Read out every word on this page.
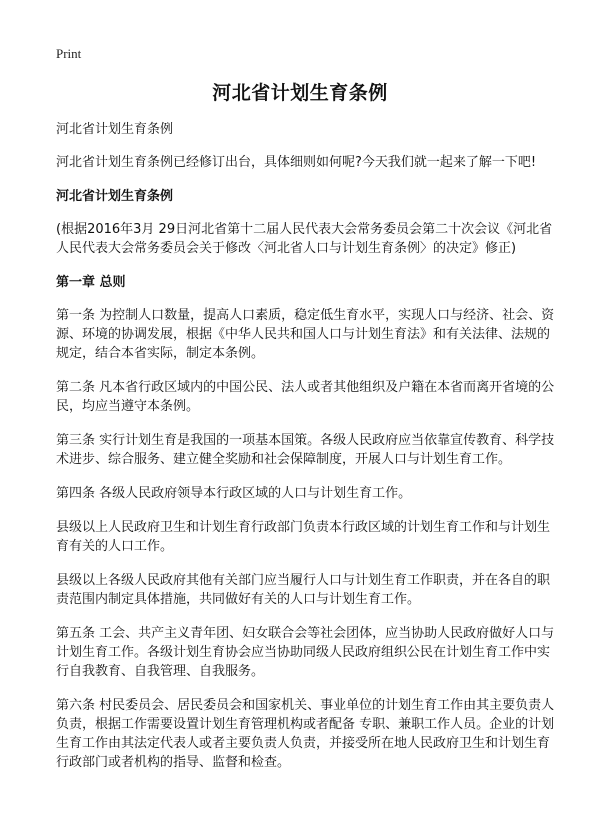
Print
河北省计划生育条例

河北省计划生育条例

河北省计划生育条例已经修订出台，具体细则如何呢?今天我们就一起来了解一下吧!

河北省计划生育条例

(根据2016年3月 29日河北省第十二届人民代表大会常务委员会第二十次会议《河北省人民代表大会常务委员会关于修改〈河北省人口与计划生育条例〉的决定》修正)

第一章 总则

第一条 为控制人口数量，提高人口素质，稳定低生育水平，实现人口与经济、社会、资源、环境的协调发展，根据《中华人民共和国人口与计划生育法》和有关法律、法规的规定，结合本省实际，制定本条例。

第二条 凡本省行政区域内的中国公民、法人或者其他组织及户籍在本省而离开省境的公民，均应当遵守本条例。

第三条 实行计划生育是我国的一项基本国策。各级人民政府应当依靠宣传教育、科学技术进步、综合服务、建立健全奖励和社会保障制度，开展人口与计划生育工作。

第四条 各级人民政府领导本行政区域的人口与计划生育工作。

县级以上人民政府卫生和计划生育行政部门负责本行政区域的计划生育工作和与计划生育有关的人口工作。

县级以上各级人民政府其他有关部门应当履行人口与计划生育工作职责，并在各自的职责范围内制定具体措施，共同做好有关的人口与计划生育工作。

第五条 工会、共产主义青年团、妇女联合会等社会团体，应当协助人民政府做好人口与计划生育工作。各级计划生育协会应当协助同级人民政府组织公民在计划生育工作中实行自我教育、自我管理、自我服务。

第六条 村民委员会、居民委员会和国家机关、事业单位的计划生育工作由其主要负责人负责，根据工作需要设置计划生育管理机构或者配备 专职、兼职工作人员。企业的计划生育工作由其法定代表人或者主要负责人负责，并接受所在地人民政府卫生和计划生育行政部门或者机构的指导、监督和检查。
